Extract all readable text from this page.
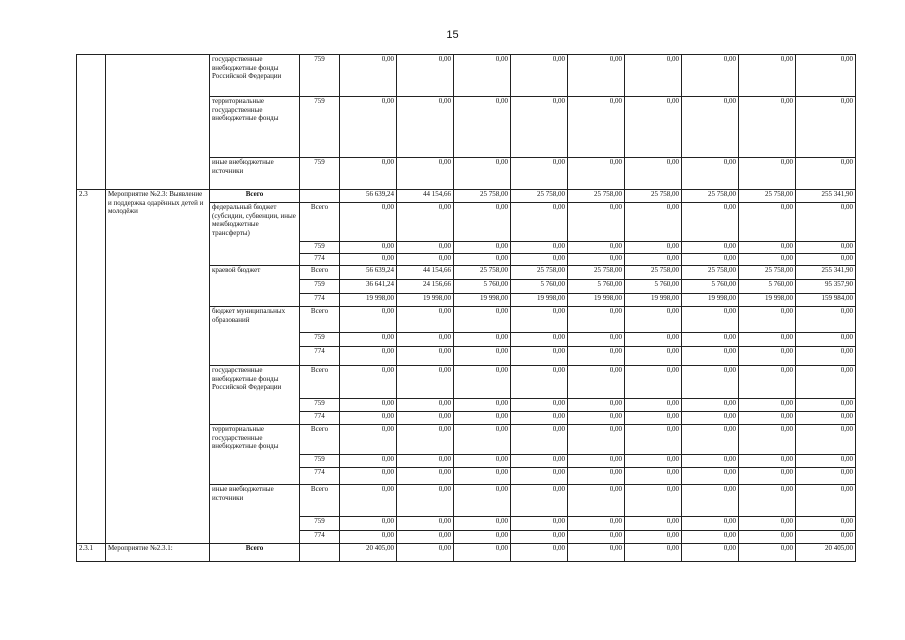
15
		государственные внебюджетные фонды Российской Федерации	759	0,00	0,00	0,00	0,00	0,00	0,00	0,00	0,00	0,00
		территориальные государственные внебюджетные фонды	759	0,00	0,00	0,00	0,00	0,00	0,00	0,00	0,00	0,00
		иные внебюджетные источники	759	0,00	0,00	0,00	0,00	0,00	0,00	0,00	0,00	0,00
2.3	Мероприятие №2.3: Выявление и поддержка одарённых детей и молодёжи	Всего		56 639,24	44 154,66	25 758,00	25 758,00	25 758,00	25 758,00	25 758,00	25 758,00	255 341,90
		федеральный бюджет (субсидии, субвенции, иные межбюджетные трансферты)	Всего	0,00	0,00	0,00	0,00	0,00	0,00	0,00	0,00	0,00
			759	0,00	0,00	0,00	0,00	0,00	0,00	0,00	0,00	0,00
			774	0,00	0,00	0,00	0,00	0,00	0,00	0,00	0,00	0,00
		краевой бюджет	Всего	56 639,24	44 154,66	25 758,00	25 758,00	25 758,00	25 758,00	25 758,00	25 758,00	255 341,90
			759	36 641,24	24 156,66	5 760,00	5 760,00	5 760,00	5 760,00	5 760,00	5 760,00	95 357,90
			774	19 998,00	19 998,00	19 998,00	19 998,00	19 998,00	19 998,00	19 998,00	19 998,00	159 984,00
		бюджет муниципальных образований	Всего	0,00	0,00	0,00	0,00	0,00	0,00	0,00	0,00	0,00
			759	0,00	0,00	0,00	0,00	0,00	0,00	0,00	0,00	0,00
			774	0,00	0,00	0,00	0,00	0,00	0,00	0,00	0,00	0,00
		государственные внебюджетные фонды Российской Федерации	Всего	0,00	0,00	0,00	0,00	0,00	0,00	0,00	0,00	0,00
			759	0,00	0,00	0,00	0,00	0,00	0,00	0,00	0,00	0,00
			774	0,00	0,00	0,00	0,00	0,00	0,00	0,00	0,00	0,00
		территориальные государственные внебюджетные фонды	Всего	0,00	0,00	0,00	0,00	0,00	0,00	0,00	0,00	0,00
			759	0,00	0,00	0,00	0,00	0,00	0,00	0,00	0,00	0,00
			774	0,00	0,00	0,00	0,00	0,00	0,00	0,00	0,00	0,00
		иные внебюджетные источники	Всего	0,00	0,00	0,00	0,00	0,00	0,00	0,00	0,00	0,00
			759	0,00	0,00	0,00	0,00	0,00	0,00	0,00	0,00	0,00
			774	0,00	0,00	0,00	0,00	0,00	0,00	0,00	0,00	0,00
2.3.1	Мероприятие №2.3.1:	Всего		20 405,00	0,00	0,00	0,00	0,00	0,00	0,00	0,00	20 405,00
